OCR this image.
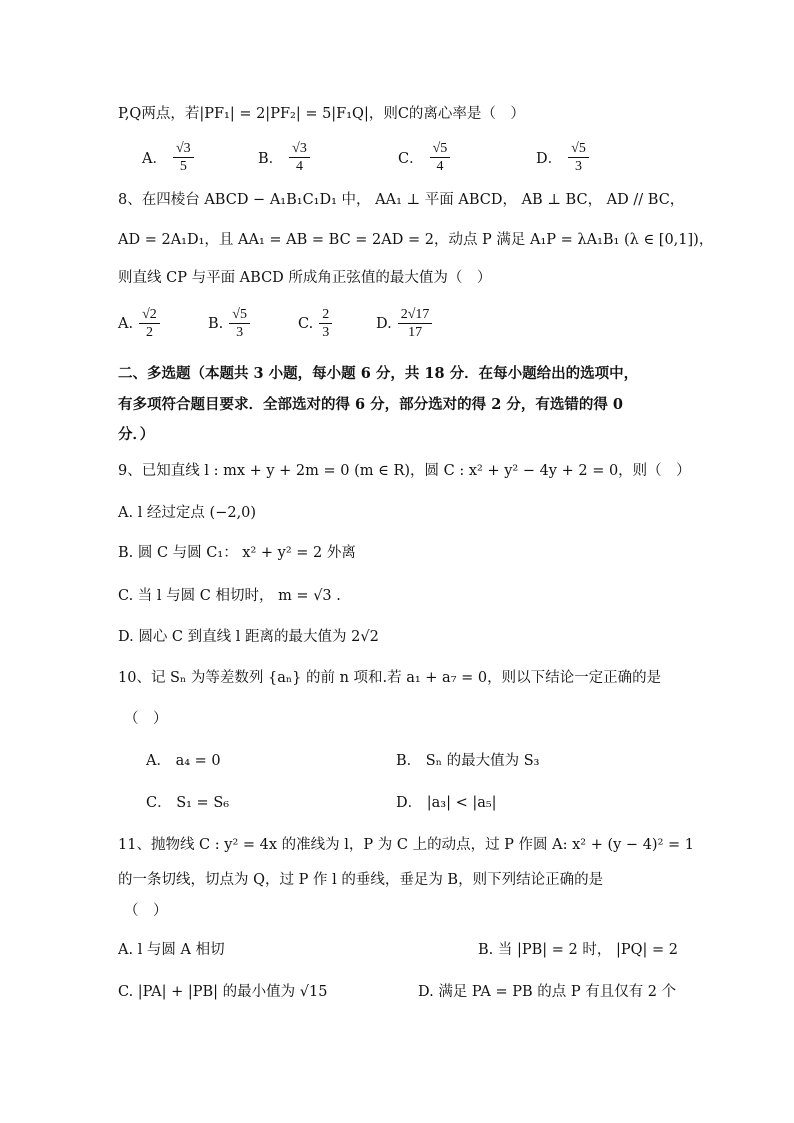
P,Q两点，若|PF₁| = 2|PF₂| = 5|F₁Q|，则C的离心率是（　）
A． $\frac{√3}{5}$	B． $\frac{√3}{4}$	C． $\frac{√5}{4}$	D． $\frac{√5}{3}$
8、在四棱台 ABCD − A₁B₁C₁D₁ 中， AA₁ ⊥ 平面 ABCD， AB ⊥ BC， AD // BC，
AD = 2A₁D₁，且 AA₁ = AB = BC = 2AD = 2，动点 P 满足 A₁P = λA₁B₁ (λ ∈ [0,1])，
则直线 CP 与平面 ABCD 所成角正弦值的最大值为（　）
A. $\frac{√2}{2}$	B. $\frac{√5}{3}$	C. $\frac{2}{3}$	D. $\frac{2√17}{17}$
二、多选题（本题共 3 小题，每小题 6 分，共 18 分．在每小题给出的选项中，
有多项符合题目要求．全部选对的得 6 分，部分选对的得 2 分，有选错的得 0
分．）
9、已知直线 l : mx + y + 2m = 0 (m ∈ R)，圆 C : x² + y² − 4y + 2 = 0，则（　）
A. l 经过定点 (−2,0)
B. 圆 C 与圆 C₁： x² + y² = 2 外离
C. 当 l 与圆 C 相切时， m = √3 .
D. 圆心 C 到直线 l 距离的最大值为 2√2
10、记 Sₙ 为等差数列 {aₙ} 的前 n 项和.若 a₁ + a₇ = 0，则以下结论一定正确的是
（　）
A． a₄ = 0	B． Sₙ 的最大值为 S₃
C． S₁ = S₆	D． |a₃| < |a₅|
11、抛物线 C : y² = 4x 的准线为 l，P 为 C 上的动点，过 P 作圆 A: x² + (y − 4)² = 1
的一条切线，切点为 Q，过 P 作 l 的垂线，垂足为 B，则下列结论正确的是
（　）
A. l 与圆 A 相切	B. 当 |PB| = 2 时， |PQ| = 2
C. |PA| + |PB| 的最小值为 √15	D. 满足 PA = PB 的点 P 有且仅有 2 个
